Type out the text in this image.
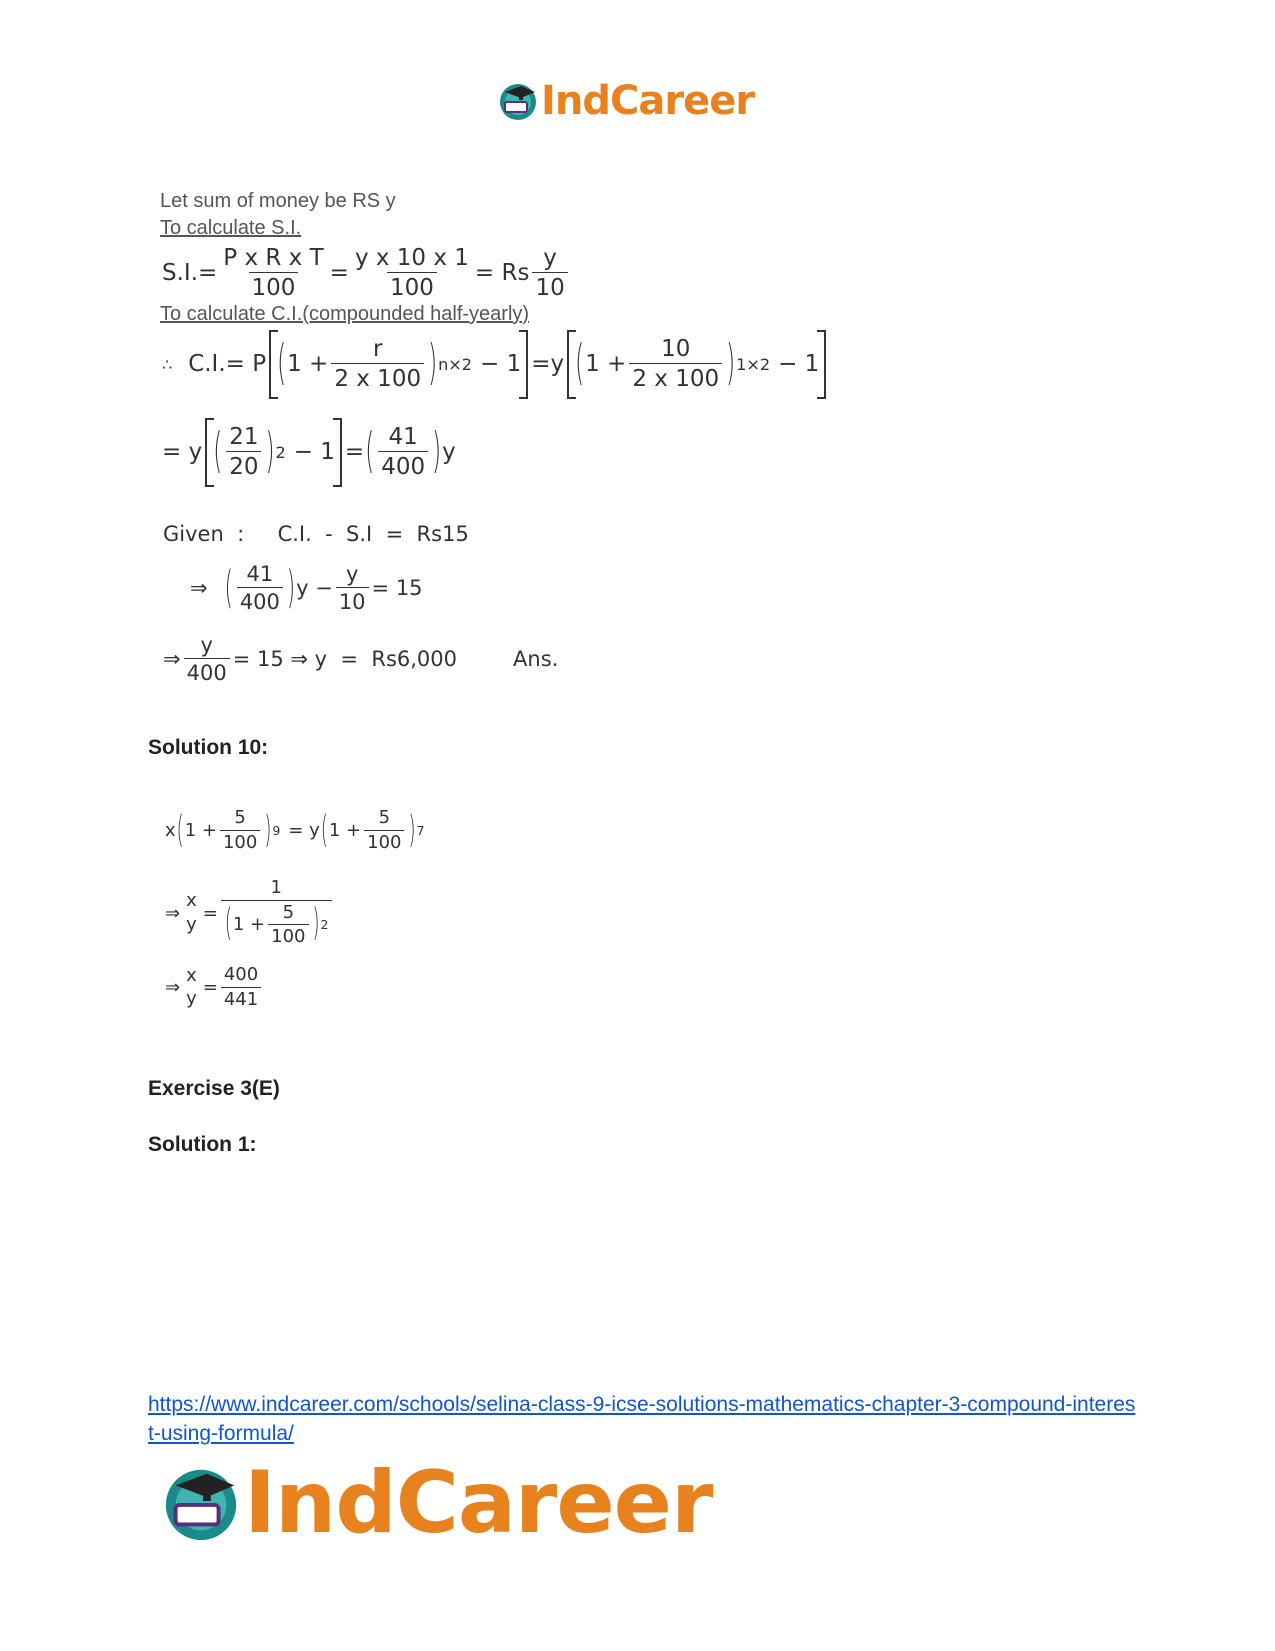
IndCareer
Let sum of money be RS y
To calculate S.I.
$S.I.= \frac{\text{P x R x T}}{100} = \frac{\text{y x 10 x 1}}{100} = Rs \frac{y}{10}$
To calculate C.I.(compounded half-yearly)
∴ C.I.= P ( $1 + \frac{r}{2 x 100}$ ) n×2 − 1 =y ( $1 + \frac{10}{2 x 100}$ ) 1×2 − 1
= y ( $\frac{21}{20}$ ) 2 − 1 = ( $\frac{41}{400}$ ) y
Given  :     C.I.  -  S.I  =  Rs15
⇒ ( $\frac{41}{400}$ ) $y - \frac{y}{10} = 15$
⇒ $\frac{y}{400} = 15$ ⇒ y  =  Rs6,000	Ans.
Solution 10:
x ( $1 + \frac{5}{100}$ ) 9 = y ( $1 + \frac{5}{100}$ ) 7
⇒
x
y
=
1
( $1 + \frac{5}{100}$ ) 2
⇒
x
y
= $\frac{400}{441}$
Exercise 3(E)
Solution 1:
https://www.indcareer.com/schools/selina-class-9-icse-solutions-mathematics-chapter-3-compound-interest-using-formula/
IndCareer
